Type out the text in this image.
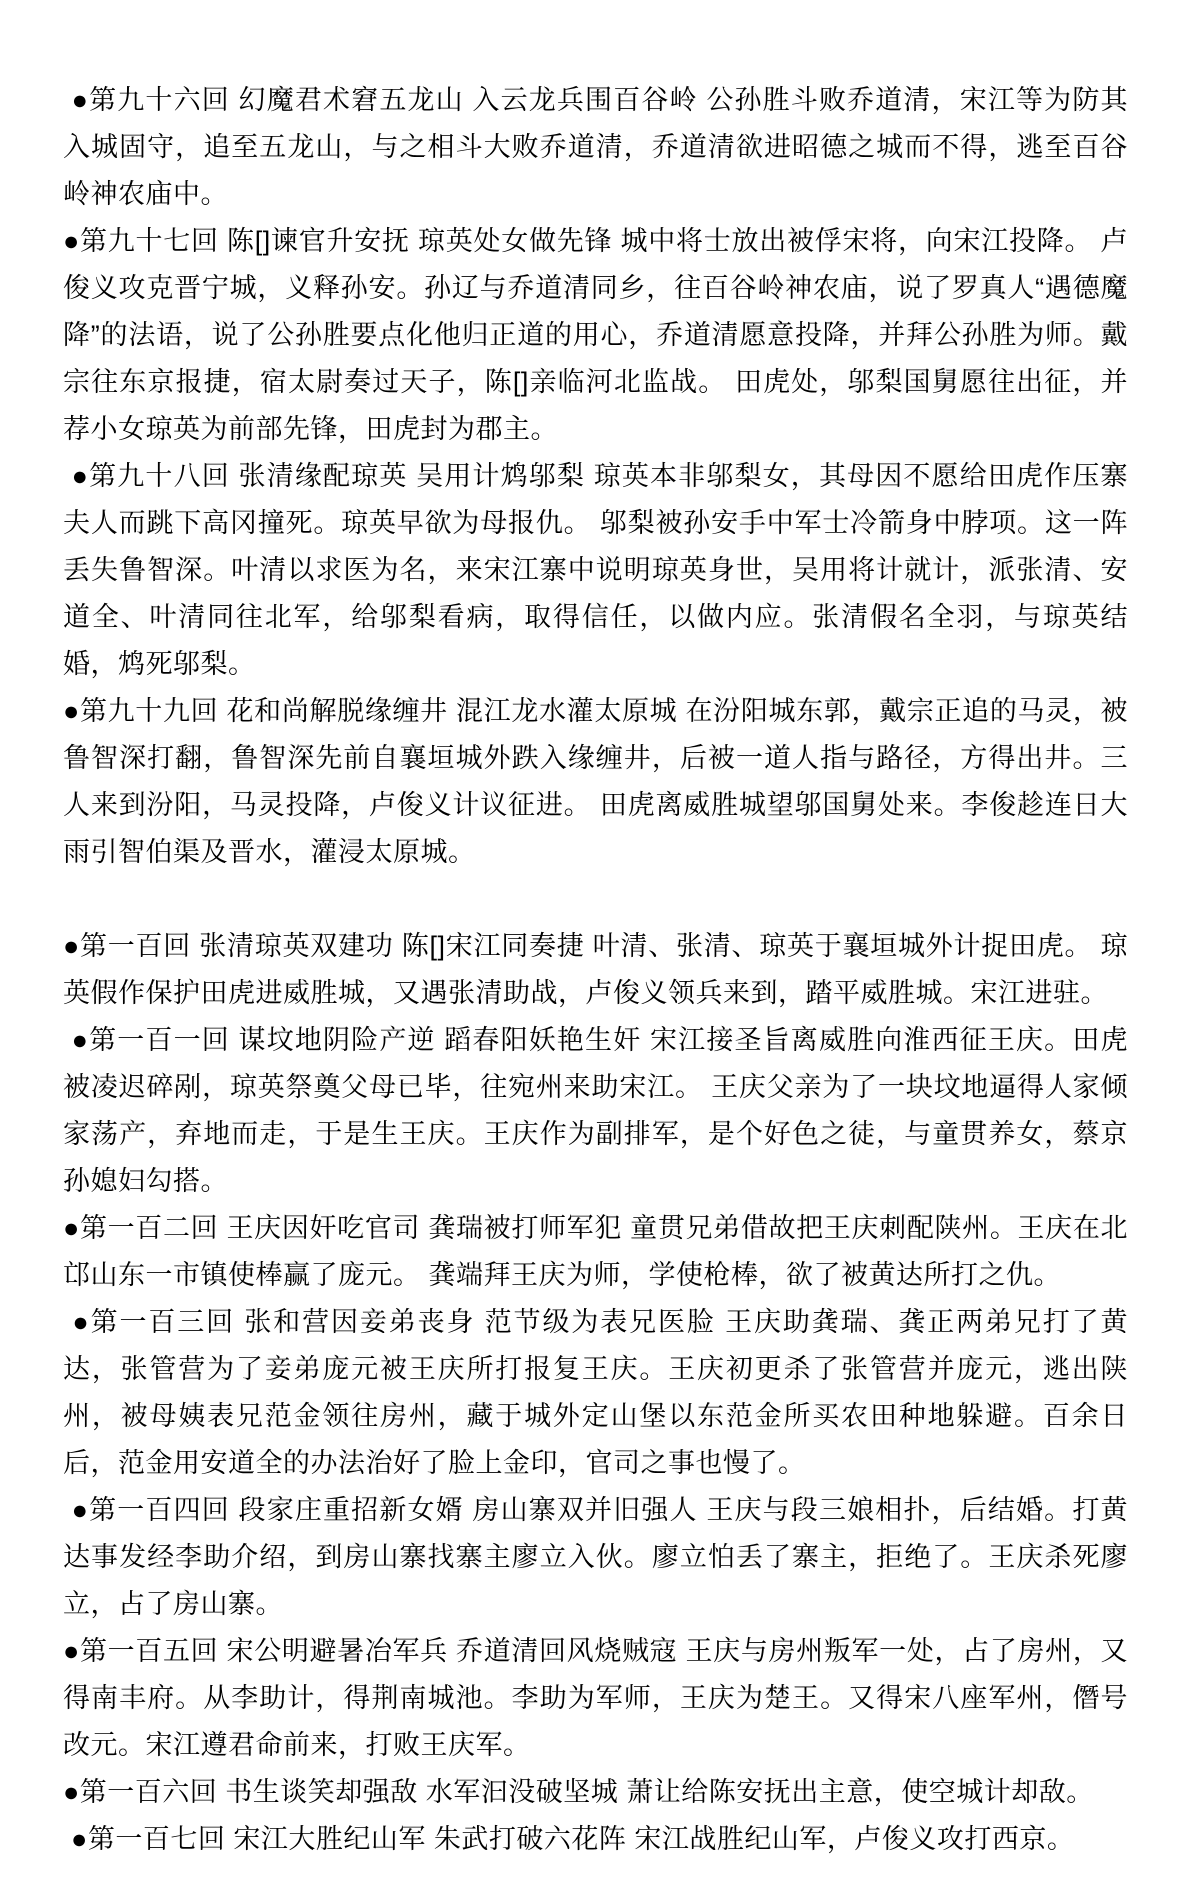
●第九十六回 幻魔君术窘五龙山 入云龙兵围百谷岭 公孙胜斗败乔道清，宋江等为防其入城固守，追至五龙山，与之相斗大败乔道清，乔道清欲进昭德之城而不得，逃至百谷岭神农庙中。

●第九十七回 陈[]谏官升安抚 琼英处女做先锋 城中将士放出被俘宋将，向宋江投降。 卢俊义攻克晋宁城，义释孙安。孙辽与乔道清同乡，往百谷岭神农庙，说了罗真人“遇德魔降”的法语，说了公孙胜要点化他归正道的用心，乔道清愿意投降，并拜公孙胜为师。戴宗往东京报捷，宿太尉奏过天子，陈[]亲临河北监战。 田虎处，邬梨国舅愿往出征，并荐小女琼英为前部先锋，田虎封为郡主。

●第九十八回 张清缘配琼英 吴用计鸩邬梨 琼英本非邬梨女，其母因不愿给田虎作压寨夫人而跳下高冈撞死。琼英早欲为母报仇。 邬梨被孙安手中军士冷箭身中脖项。这一阵丢失鲁智深。叶清以求医为名，来宋江寨中说明琼英身世，吴用将计就计，派张清、安道全、叶清同往北军，给邬梨看病，取得信任，以做内应。张清假名全羽，与琼英结婚，鸩死邬梨。

●第九十九回 花和尚解脱缘缠井 混江龙水灌太原城 在汾阳城东郭，戴宗正追的马灵，被鲁智深打翻，鲁智深先前自襄垣城外跌入缘缠井，后被一道人指与路径，方得出井。三人来到汾阳，马灵投降，卢俊义计议征进。 田虎离威胜城望邬国舅处来。李俊趁连日大雨引智伯渠及晋水，灌浸太原城。

●第一百回 张清琼英双建功 陈[]宋江同奏捷 叶清、张清、琼英于襄垣城外计捉田虎。 琼英假作保护田虎进威胜城，又遇张清助战，卢俊义领兵来到，踏平威胜城。宋江进驻。

●第一百一回 谋坟地阴险产逆 蹈春阳妖艳生奸 宋江接圣旨离威胜向淮西征王庆。田虎被凌迟碎剐，琼英祭奠父母已毕，往宛州来助宋江。 王庆父亲为了一块坟地逼得人家倾家荡产，弃地而走，于是生王庆。王庆作为副排军，是个好色之徒，与童贯养女，蔡京孙媳妇勾搭。

●第一百二回 王庆因奸吃官司 龚瑞被打师军犯 童贯兄弟借故把王庆刺配陕州。王庆在北邙山东一市镇使棒赢了庞元。 龚端拜王庆为师，学使枪棒，欲了被黄达所打之仇。

●第一百三回 张和营因妾弟丧身 范节级为表兄医脸 王庆助龚瑞、龚正两弟兄打了黄达，张管营为了妾弟庞元被王庆所打报复王庆。王庆初更杀了张管营并庞元，逃出陕州，被母姨表兄范金领往房州，藏于城外定山堡以东范金所买农田种地躲避。百余日后，范金用安道全的办法治好了脸上金印，官司之事也慢了。

●第一百四回 段家庄重招新女婿 房山寨双并旧强人 王庆与段三娘相扑，后结婚。打黄达事发经李助介绍，到房山寨找寨主廖立入伙。廖立怕丢了寨主，拒绝了。王庆杀死廖立，占了房山寨。

●第一百五回 宋公明避暑冶军兵 乔道清回风烧贼寇 王庆与房州叛军一处，占了房州，又得南丰府。从李助计，得荆南城池。李助为军师，王庆为楚王。又得宋八座军州，僭号改元。宋江遵君命前来，打败王庆军。

●第一百六回 书生谈笑却强敌 水军汩没破坚城 萧让给陈安抚出主意，使空城计却敌。

●第一百七回 宋江大胜纪山军 朱武打破六花阵 宋江战胜纪山军，卢俊义攻打西京。
